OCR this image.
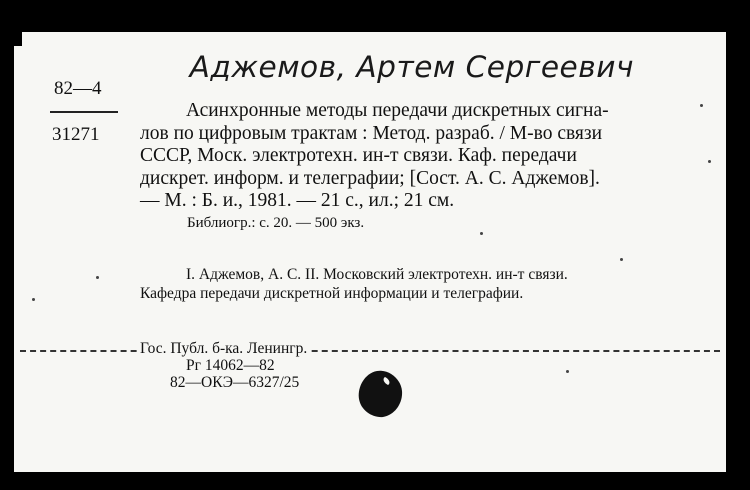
Аджемов, Артем Сергеевич
82—4
31271
Асинхронные методы передачи дискретных сигна-
лов по цифровым трактам : Метод. разраб. / М-во связи
СССР, Моск. электротехн. ин-т связи. Каф. передачи
дискрет. информ. и телеграфии; [Сост. А. С. Аджемов].
— М. : Б. и., 1981. — 21 с., ил.; 21 см.
Библиогр.: с. 20. — 500 экз.
I. Аджемов, А. С. II. Московский электротехн. ин-т связи.
Кафедра передачи дискретной информации и телеграфии.
Гос. Публ. б-ка. Ленингр.
Рг 14062—82
82—ОКЭ—6327/25
